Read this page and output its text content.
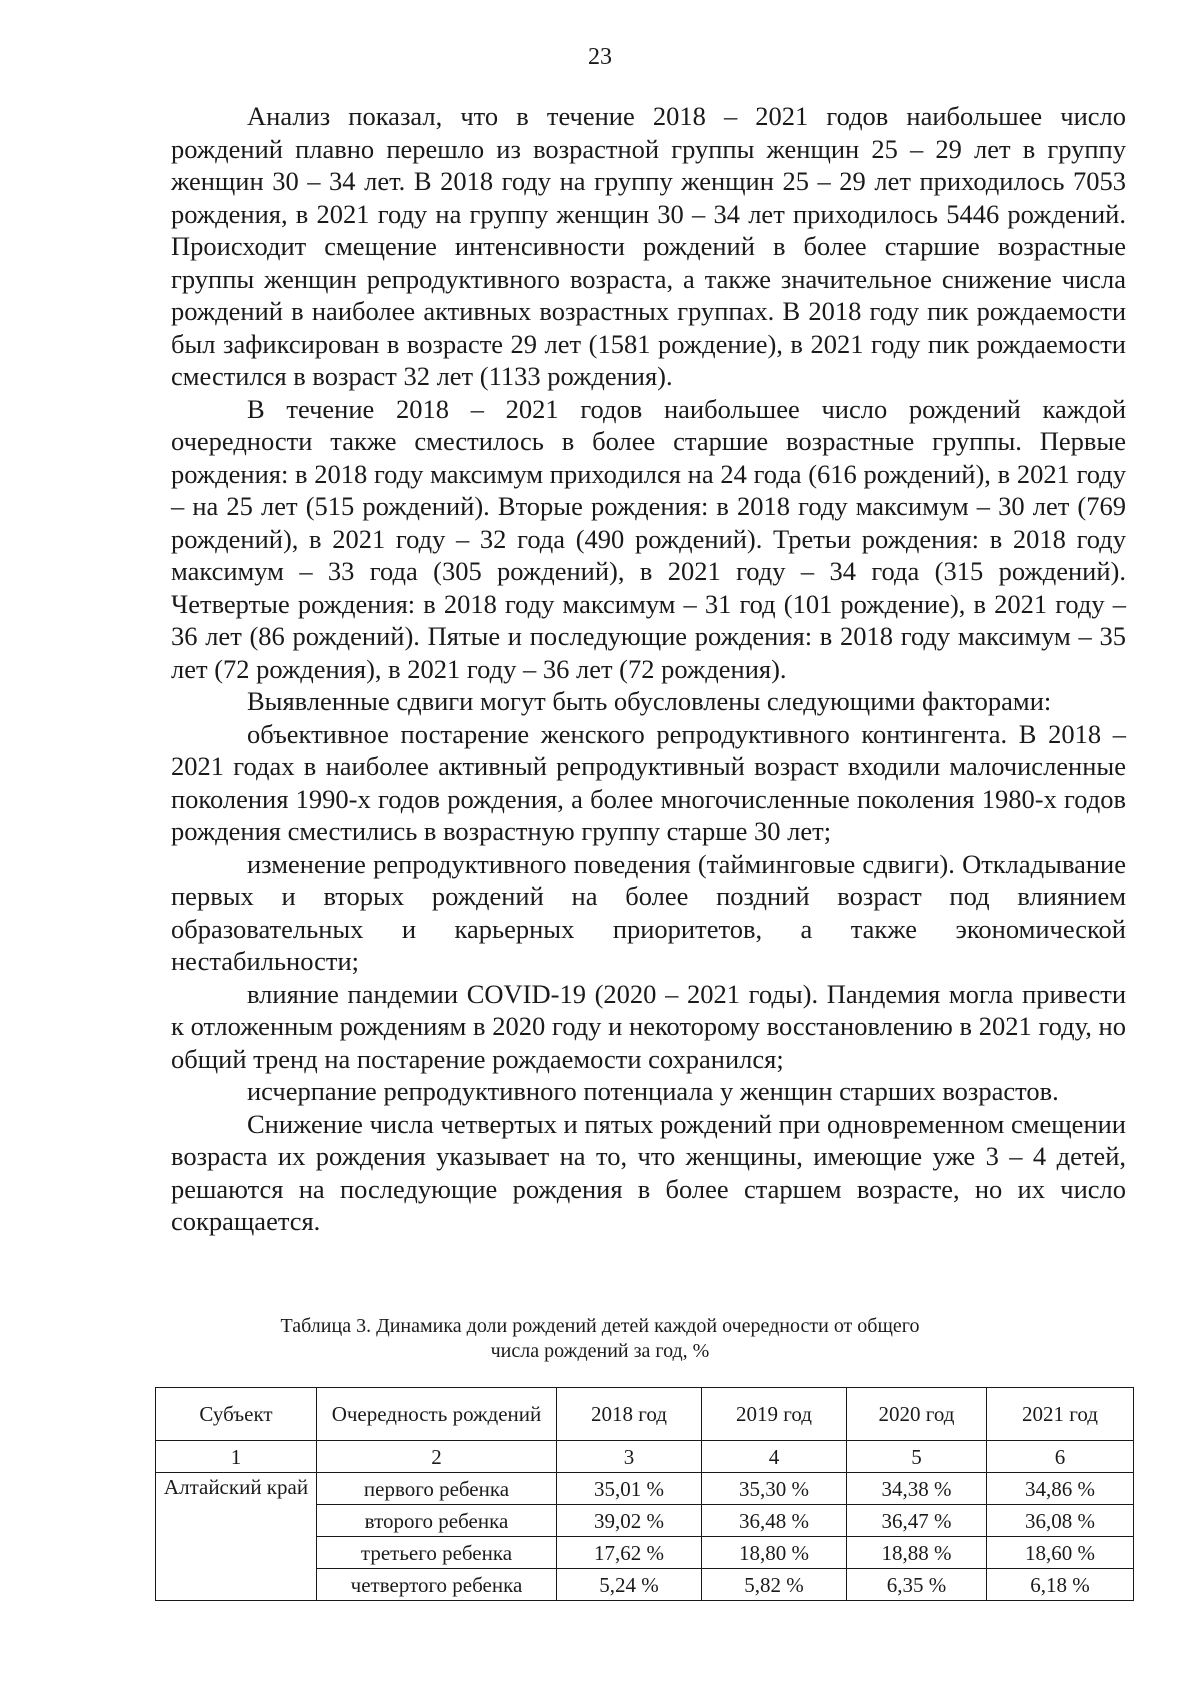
23

Анализ показал, что в течение 2018 – 2021 годов наибольшее число рождений плавно перешло из возрастной группы женщин 25 – 29 лет в группу женщин 30 – 34 лет. В 2018 году на группу женщин 25 – 29 лет приходилось 7053 рождения, в 2021 году на группу женщин 30 – 34 лет приходилось 5446 рождений. Происходит смещение интенсивности рождений в более старшие возрастные группы женщин репродуктивного возраста, а также значительное снижение числа рождений в наиболее активных возрастных группах. В 2018 году пик рождаемости был зафиксирован в возрасте 29 лет (1581 рождение), в 2021 году пик рождаемости сместился в возраст 32 лет (1133 рождения).

В течение 2018 – 2021 годов наибольшее число рождений каждой очередности также сместилось в более старшие возрастные группы. Первые рождения: в 2018 году максимум приходился на 24 года (616 рождений), в 2021 году – на 25 лет (515 рождений). Вторые рождения: в 2018 году максимум – 30 лет (769 рождений), в 2021 году – 32 года (490 рождений). Третьи рождения: в 2018 году максимум – 33 года (305 рождений), в 2021 году – 34 года (315 рождений). Четвертые рождения: в 2018 году максимум – 31 год (101 рождение), в 2021 году – 36 лет (86 рождений). Пятые и последующие рождения: в 2018 году максимум – 35 лет (72 рождения), в 2021 году – 36 лет (72 рождения).

Выявленные сдвиги могут быть обусловлены следующими факторами:

объективное постарение женского репродуктивного контингента. В 2018 – 2021 годах в наиболее активный репродуктивный возраст входили малочисленные поколения 1990-х годов рождения, а более многочисленные поколения 1980-х годов рождения сместились в возрастную группу старше 30 лет;

изменение репродуктивного поведения (тайминговые сдвиги). Откладывание первых и вторых рождений на более поздний возраст под влиянием образовательных и карьерных приоритетов, а также экономической нестабильности;

влияние пандемии COVID-19 (2020 – 2021 годы). Пандемия могла привести к отложенным рождениям в 2020 году и некоторому восстановлению в 2021 году, но общий тренд на постарение рождаемости сохранился;

исчерпание репродуктивного потенциала у женщин старших возрастов.

Снижение числа четвертых и пятых рождений при одновременном смещении возраста их рождения указывает на то, что женщины, имеющие уже 3 – 4 детей, решаются на последующие рождения в более старшем возрасте, но их число сокращается.

Таблица 3. Динамика доли рождений детей каждой очередности от общего
числа рождений за год, %
Субъект	Очередность рождений	2018 год	2019 год	2020 год	2021 год
1	2	3	4	5	6
Алтайский край	первого ребенка	35,01 %	35,30 %	34,38 %	34,86 %
	второго ребенка	39,02 %	36,48 %	36,47 %	36,08 %
	третьего ребенка	17,62 %	18,80 %	18,88 %	18,60 %
	четвертого ребенка	5,24 %	5,82 %	6,35 %	6,18 %
